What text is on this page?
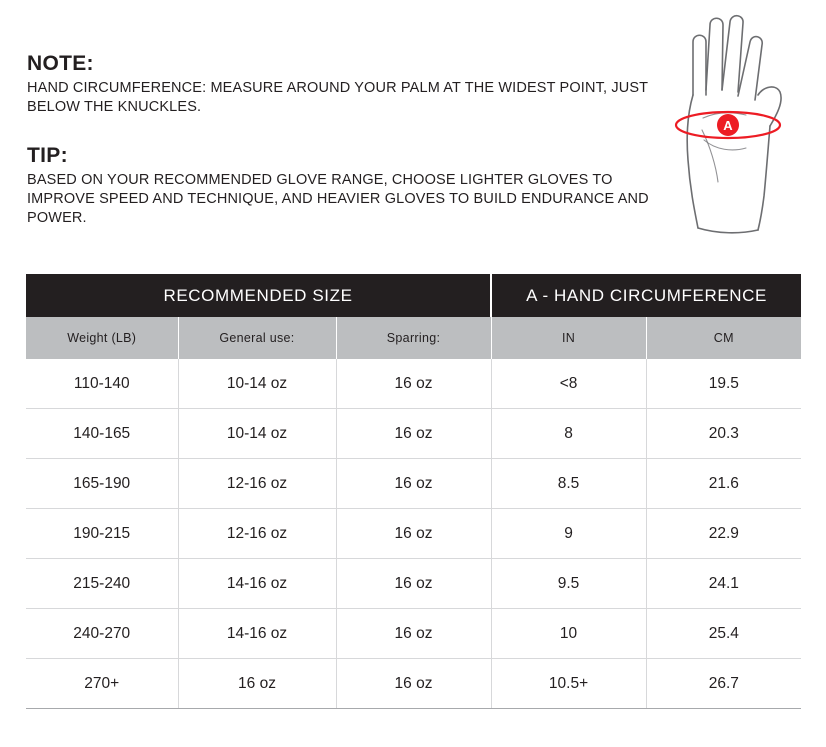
NOTE:

HAND CIRCUMFERENCE: MEASURE AROUND YOUR PALM AT THE WIDEST POINT, JUST BELOW THE KNUCKLES.

TIP:

BASED ON YOUR RECOMMENDED GLOVE RANGE, CHOOSE LIGHTER GLOVES TO IMPROVE SPEED AND TECHNIQUE, AND HEAVIER GLOVES TO BUILD ENDURANCE AND POWER.

A
RECOMMENDED SIZE			A - HAND CIRCUMFERENCE	
Weight (LB)	General use:	Sparring:	IN	CM
110-140	10-14 oz	16 oz	<8	19.5
140-165	10-14 oz	16 oz	8	20.3
165-190	12-16 oz	16 oz	8.5	21.6
190-215	12-16 oz	16 oz	9	22.9
215-240	14-16 oz	16 oz	9.5	24.1
240-270	14-16 oz	16 oz	10	25.4
270+	16 oz	16 oz	10.5+	26.7
